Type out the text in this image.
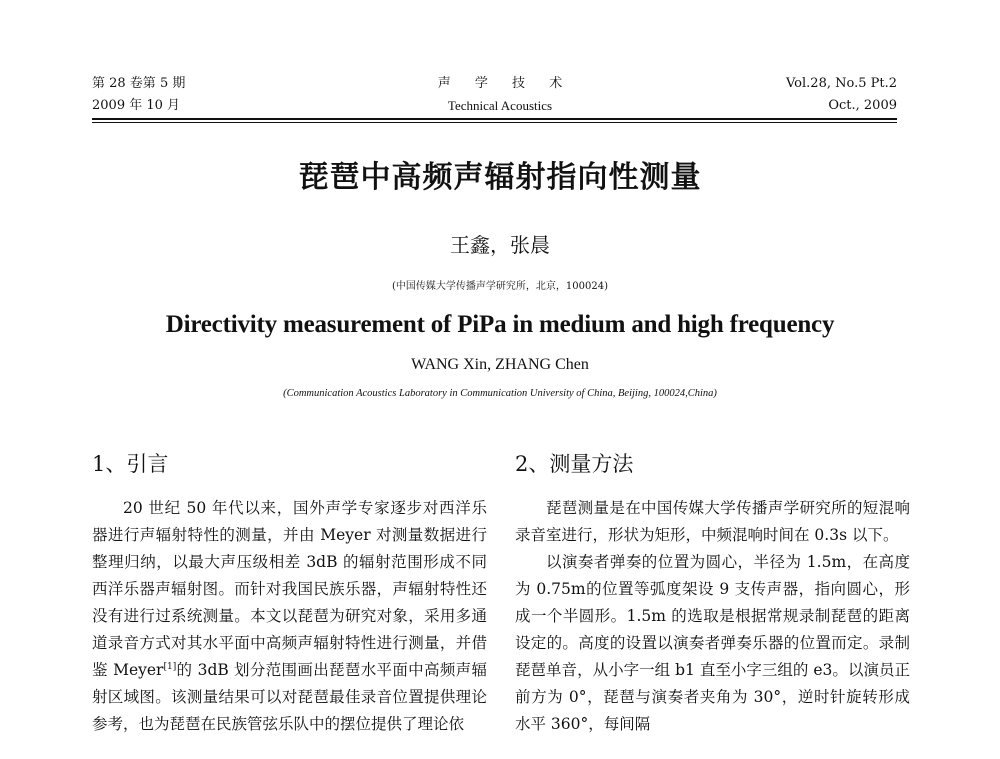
第 28 卷第 5 期
2009 年 10 月
声 学 技 术
Technical Acoustics
Vol.28, No.5 Pt.2
Oct., 2009
琵琶中高频声辐射指向性测量
王鑫，张晨
(中国传媒大学传播声学研究所，北京，100024)
Directivity measurement of PiPa in medium and high frequency
WANG Xin, ZHANG Chen
(Communication Acoustics Laboratory in Communication University of China, Beijing, 100024,China)
1、引言

20 世纪 50 年代以来，国外声学专家逐步对西洋乐器进行声辐射特性的测量，并由 Meyer 对测量数据进行整理归纳，以最大声压级相差 3dB 的辐射范围形成不同西洋乐器声辐射图。而针对我国民族乐器，声辐射特性还没有进行过系统测量。本文以琵琶为研究对象，采用多通道录音方式对其水平面中高频声辐射特性进行测量，并借鉴 Meyer[1]的 3dB 划分范围画出琵琶水平面中高频声辐射区域图。该测量结果可以对琵琶最佳录音位置提供理论参考，也为琵琶在民族管弦乐队中的摆位提供了理论依

2、测量方法

琵琶测量是在中国传媒大学传播声学研究所的短混响录音室进行，形状为矩形，中频混响时间在 0.3s 以下。

以演奏者弹奏的位置为圆心，半径为 1.5m，在高度为 0.75m的位置等弧度架设 9 支传声器，指向圆心，形成一个半圆形。1.5m 的选取是根据常规录制琵琶的距离设定的。高度的设置以演奏者弹奏乐器的位置而定。录制琵琶单音，从小字一组 b1 直至小字三组的 e3。以演员正前方为 0°，琵琶与演奏者夹角为 30°，逆时针旋转形成水平 360°，每间隔
